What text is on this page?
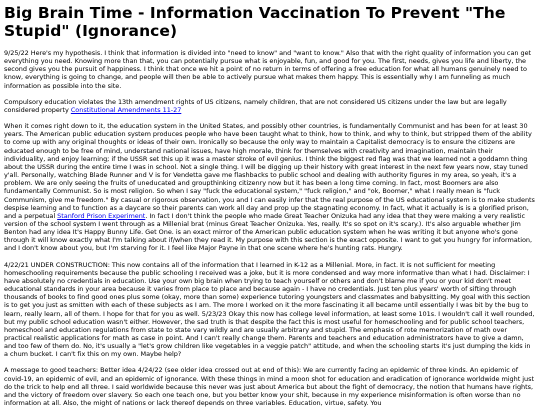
Big Brain Time - Information Vaccination To Prevent "The Stupid" (Ignorance)

9/25/22 Here's my hypothesis. I think that information is divided into "need to know" and "want to know." Also that with the right quality of information you can get everything you need. Knowing more than that, you can potentially pursue what is enjoyable, fun, and good for you. The first, needs, gives you life and liberty, the second gives you the pursuit of happiness. I think that once we hit a point of no return in terms of offering a free education for what all humans genuinely need to know, everything is going to change, and people will then be able to actively pursue what makes them happy. This is essentially why I am funneling as much information as possible into the site.

Compulsory education violates the 13th amendment rights of US citizens, namely children, that are not considered US citizens under the law but are legally considered property Constitutional Amendments 11-27

When it comes right down to it, the education system in the United States, and possibly other countries, is fundamentally Communist and has been for at least 30 years. The American public education system produces people who have been taught what to think, how to think, and why to think, but stripped them of the ability to come up with any original thoughts or ideas of their own. Ironically so because the only way to maintain a Capitalist democracy is to ensure the citizens are educated enough to be free of mind, understand national issues, have high morale, think for themselves with creativity and imagination, maintain their individuality, and enjoy learning; if the USSR set this up it was a master stroke of evil genius. I think the biggest red flag was that we learned not a goddamn thing about the USSR during the entire time I was in school. Not a single thing. I will be digging up their history with great interest in the next few years now, stay tuned y'all. Personally, watching Blade Runner and V is for Vendetta gave me flashbacks to public school and dealing with authority figures in my area, so yeah, it's a problem. We are only seeing the fruits of uneducated and groupthinking citizenry now but it has been a long time coming. In fact, most Boomers are also fundamentally Communist. So is most religion. So when I say "fuck the educational system," "fuck religion," and "ok, Boomer," what I really mean is "fuck Communism, give me freedom." By casual or rigorous observation, you and I can easily infer that the real purpose of the US educational system is to make students despise learning and to function as a daycare so their parents can work all day and prop up the stagnating economy. In fact, what it actually is is a glorified prison, and a perpetual Stanford Prison Experiment. In fact I don't think the people who made Great Teacher Onizuka had any idea that they were making a very realistic version of the school system I went through as a Millenial brat (minus Great Teacher Onizuka. Yes, really. It's so spot on it's scary.). It's also arguable whether Jim Benton had any idea It's Happy Bunny Life. Get One. is an exact mirror of the American public education system when he was writing it but anyone who's gone through it will know exactly what I'm talking about if/when they read it. My purpose with this section is the exact opposite. I want to get you hungry for information, and I don't know about you, but I'm starving for it. I feel like Major Payne in that one scene where he's hunting rats. Hungry.

4/22/21 UNDER CONSTRUCTION: This now contains all of the information that I learned in K-12 as a Millenial. More, in fact. It is not sufficient for meeting homeschooling requirements because the public schooling I received was a joke, but it is more condensed and way more informative than what I had. Disclaimer: I have absolutely no credentials in education. Use your own big brain when trying to teach yourself or others and don't blame me if you or your kid don't meet educational standards in your area because it varies from place to place and because again - I have no credentials. Just ten plus years' worth of sifting through thousands of books to find good ones plus some (okay, more than some) experience tutoring youngsters and classmates and babysitting. My goal with this section is to get you just as smitten with each of these subjects as I am. The more I worked on it the more fascinating it all became until essentially I was bit by the bug to learn, really learn, all of them. I hope for that for you as well. 5/23/23 Okay this now has college level information, at least some 101s. I wouldn't call it well rounded, but my public school education wasn't either. However, the sad truth is that despite the fact this is most useful for homeschooling and for public school teachers, homeschool and education regulations from state to state vary wildly and are usually arbitrary and stupid. The emphasis of rote memorization of math over practical realistic applications for math as case in point. And I can't really change them. Parents and teachers and education administrators have to give a damn, and too few of them do. No, it's usually a "let's grow children like vegetables in a veggie patch" attitude, and when the schooling starts it's just dumping the kids in a chum bucket. I can't fix this on my own. Maybe help?

A message to good teachers: Better idea 4/24/22 (see older idea crossed out at end of this): We are currently facing an epidemic of three kinds. An epidemic of covid-19, an epidemic of evil, and an epidemic of ignorance. With these things in mind a moon shot for education and eradication of ignorance worldwide might just do the trick to help end all three. I said worldwide because this never was just about America but about the fight of democracy, the notion that humans have rights, and the victory of freedom over slavery. So each one teach one, but you better know your shit, because in my experience misinformation is often worse than no information at all. Also, the might of nations or lack thereof depends on three variables. Education, virtue, safety. You
